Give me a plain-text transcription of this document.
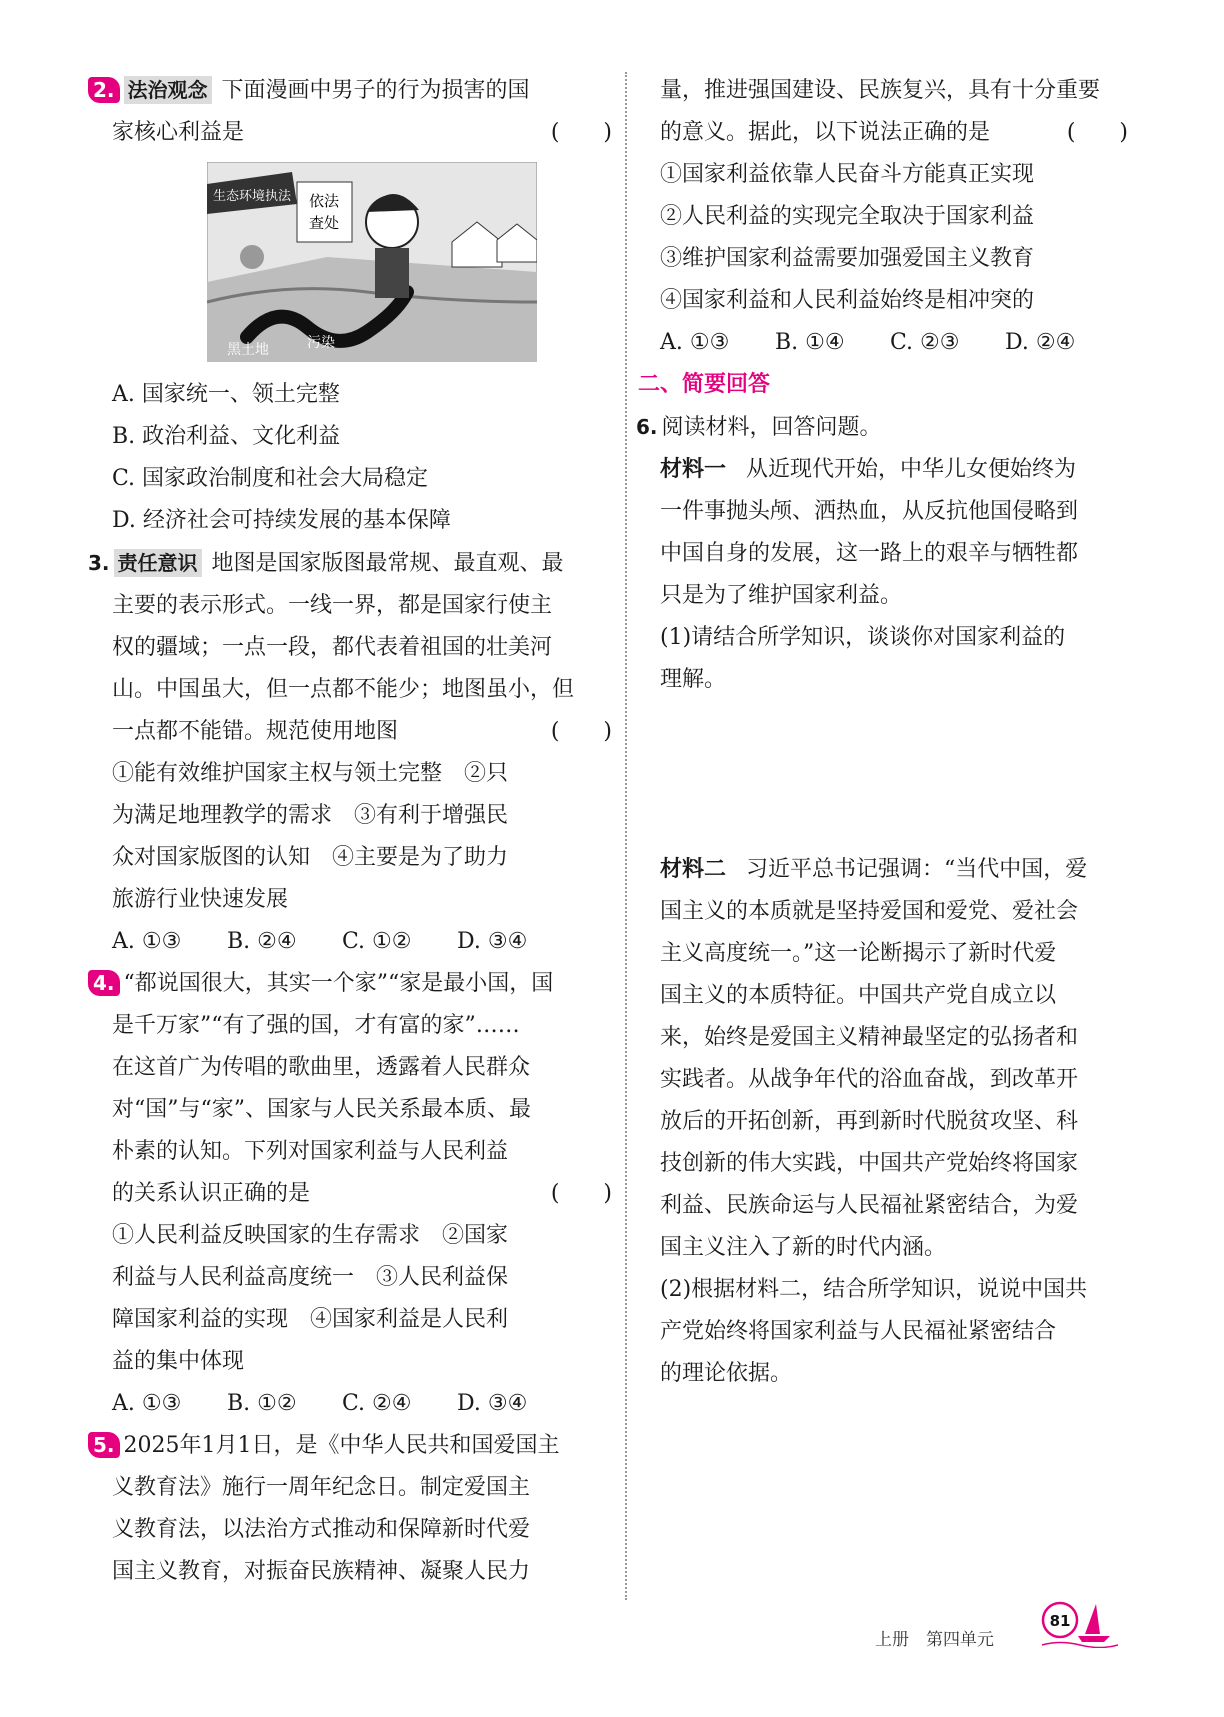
2. 法治观念 下面漫画中男子的行为损害的国
家核心利益是	(　　)
生态环境执法 依法
查处
黑土地	污染
A. 国家统一、领土完整
B. 政治利益、文化利益
C. 国家政治制度和社会大局稳定
D. 经济社会可持续发展的基本保障
3. 责任意识 地图是国家版图最常规、最直观、最
主要的表示形式。一线一界，都是国家行使主
权的疆域；一点一段，都代表着祖国的壮美河
山。中国虽大，但一点都不能少；地图虽小，但
一点都不能错。规范使用地图	(　　)
①能有效维护国家主权与领土完整　②只
为满足地理教学的需求　③有利于增强民
众对国家版图的认知　④主要是为了助力
旅游行业快速发展
A. ①③ B. ②④ C. ①② D. ③④
4. “都说国很大，其实一个家”“家是最小国，国
是千万家”“有了强的国，才有富的家”……
在这首广为传唱的歌曲里，透露着人民群众
对“国”与“家”、国家与人民关系最本质、最
朴素的认知。下列对国家利益与人民利益
的关系认识正确的是	(　　)
①人民利益反映国家的生存需求　②国家
利益与人民利益高度统一　③人民利益保
障国家利益的实现　④国家利益是人民利
益的集中体现
A. ①③ B. ①② C. ②④ D. ③④
5. 2025年1月1日，是《中华人民共和国爱国主
义教育法》施行一周年纪念日。制定爱国主
义教育法，以法治方式推动和保障新时代爱
国主义教育，对振奋民族精神、凝聚人民力
量，推进强国建设、民族复兴，具有十分重要
的意义。据此，以下说法正确的是	(　　)
①国家利益依靠人民奋斗方能真正实现
②人民利益的实现完全取决于国家利益
③维护国家利益需要加强爱国主义教育
④国家利益和人民利益始终是相冲突的
A. ①③ B. ①④ C. ②③ D. ②④
二、简要回答
6. 阅读材料，回答问题。
材料一 从近现代开始，中华儿女便始终为
一件事抛头颅、洒热血，从反抗他国侵略到
中国自身的发展，这一路上的艰辛与牺牲都
只是为了维护国家利益。
(1)请结合所学知识，谈谈你对国家利益的
理解。
材料二 习近平总书记强调：“当代中国，爱
国主义的本质就是坚持爱国和爱党、爱社会
主义高度统一。”这一论断揭示了新时代爱
国主义的本质特征。中国共产党自成立以
来，始终是爱国主义精神最坚定的弘扬者和
实践者。从战争年代的浴血奋战，到改革开
放后的开拓创新，再到新时代脱贫攻坚、科
技创新的伟大实践，中国共产党始终将国家
利益、民族命运与人民福祉紧密结合，为爱
国主义注入了新的时代内涵。
(2)根据材料二，结合所学知识，说说中国共
产党始终将国家利益与人民福祉紧密结合
的理论依据。
上册　第四单元
81
